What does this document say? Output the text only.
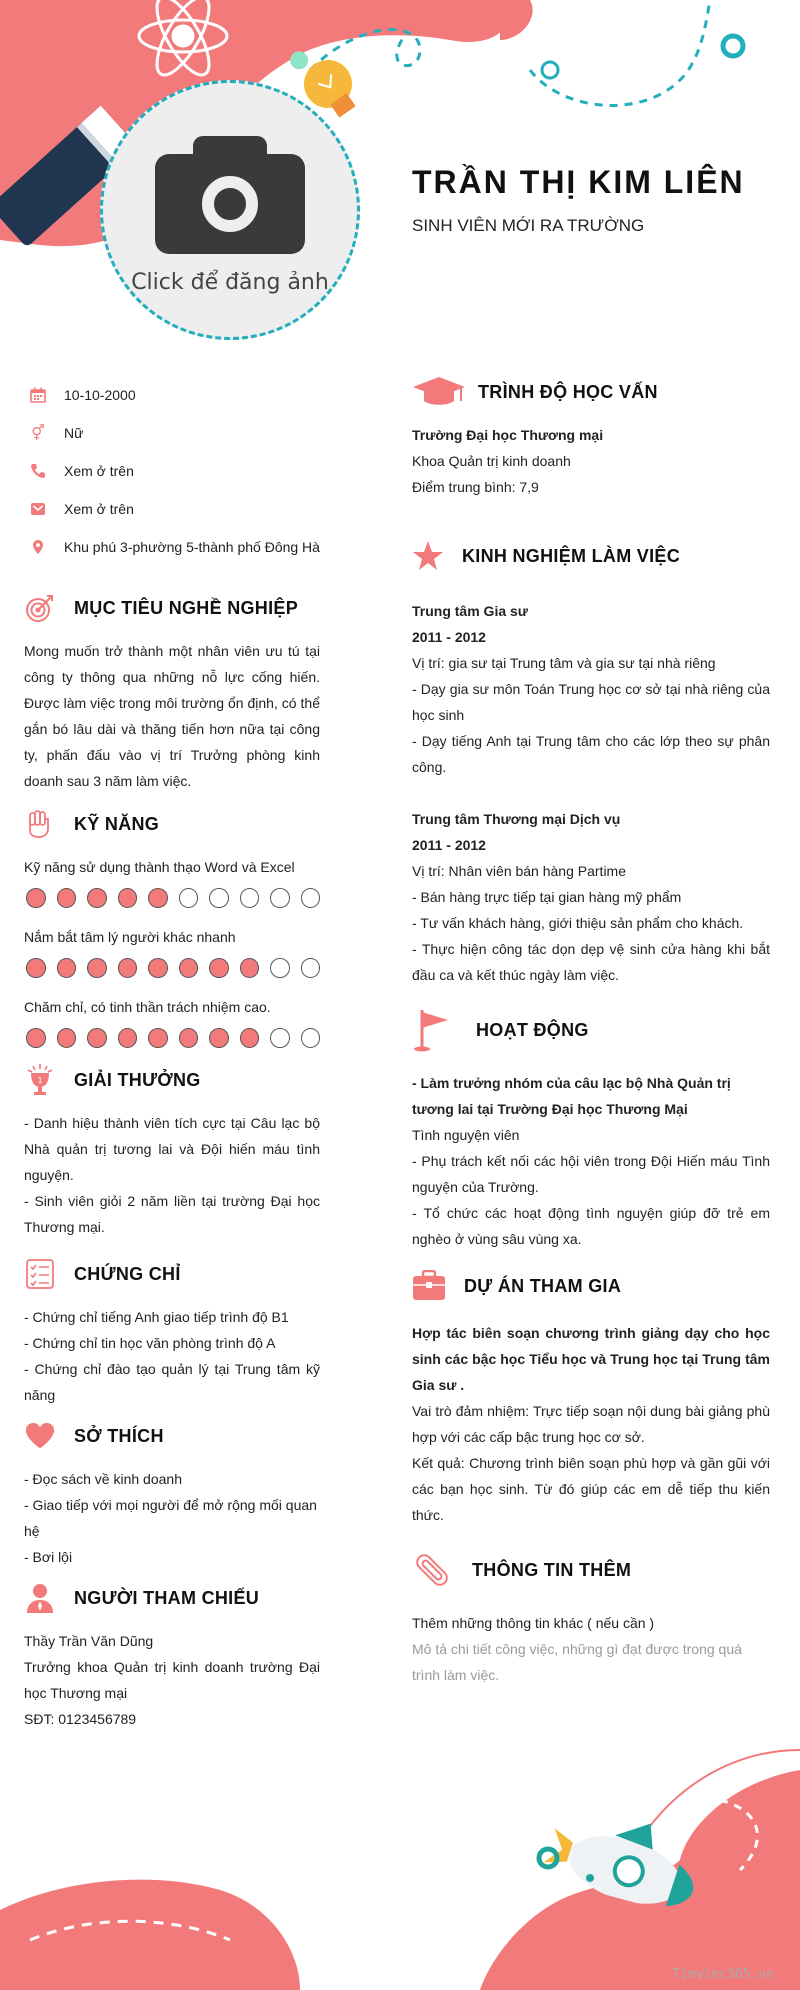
Click để đăng ảnh
TRẦN THỊ KIM LIÊN
SINH VIÊN MỚI RA TRƯỜNG
10-10-2000
⚥ Nữ
Xem ở trên
Xem ở trên
Khu phú 3-phường 5-thành phố Đông Hà
MỤC TIÊU NGHỀ NGHIỆP

Mong muốn trở thành một nhân viên ưu tú tại công ty thông qua những nỗ lực cống hiến. Được làm việc trong môi trường ổn định, có thể gắn bó lâu dài và thăng tiến hơn nữa tại công ty, phấn đấu vào vị trí Trưởng phòng kinh doanh sau 3 năm làm việc.

KỸ NĂNG

Kỹ năng sử dụng thành thạo Word và Excel

Nắm bắt tâm lý người khác nhanh

Chăm chỉ, có tinh thần trách nhiệm cao.

1 GIẢI THƯỞNG

- Danh hiệu thành viên tích cực tại Câu lạc bộ Nhà quản trị tương lai và Đội hiến máu tình nguyện.

- Sinh viên giỏi 2 năm liền tại trường Đại học Thương mại.

CHỨNG CHỈ

- Chứng chỉ tiếng Anh giao tiếp trình độ B1

- Chứng chỉ tin học văn phòng trình độ A

- Chứng chỉ đào tạo quản lý tại Trung tâm kỹ năng

SỞ THÍCH

- Đọc sách về kinh doanh

- Giao tiếp với mọi người để mở rộng mối quan hệ

- Bơi lội

NGƯỜI THAM CHIẾU

Thầy Trần Văn Dũng

Trưởng khoa Quản trị kinh doanh trường Đại học Thương mại

SĐT: 0123456789

TRÌNH ĐỘ HỌC VẤN

Trường Đại học Thương mại

Khoa Quản trị kinh doanh

Điểm trung bình: 7,9

KINH NGHIỆM LÀM VIỆC

Trung tâm Gia sư

2011 - 2012

Vị trí: gia sư tại Trung tâm và gia sư tại nhà riêng

- Dạy gia sư môn Toán Trung học cơ sở tại nhà riêng của học sinh

- Dạy tiếng Anh tại Trung tâm cho các lớp theo sự phân công.

Trung tâm Thương mại Dịch vụ

2011 - 2012

Vị trí: Nhân viên bán hàng Partime

- Bán hàng trực tiếp tại gian hàng mỹ phẩm

- Tư vấn khách hàng, giới thiệu sản phẩm cho khách.

- Thực hiện công tác dọn dẹp vệ sinh cửa hàng khi bắt đầu ca và kết thúc ngày làm việc.

HOẠT ĐỘNG

- Làm trưởng nhóm của câu lạc bộ Nhà Quản trị tương lai tại Trường Đại học Thương Mại

Tình nguyện viên

- Phụ trách kết nối các hội viên trong Đội Hiến máu Tình nguyện của Trường.

- Tổ chức các hoạt động tình nguyện giúp đỡ trẻ em nghèo ở vùng sâu vùng xa.

DỰ ÁN THAM GIA

Hợp tác biên soạn chương trình giảng dạy cho học sinh các bậc học Tiểu học và Trung học tại Trung tâm Gia sư .

Vai trò đảm nhiệm: Trực tiếp soạn nội dung bài giảng phù hợp với các cấp bậc trung học cơ sở.

Kết quả: Chương trình biên soạn phù hợp và gần gũi với các bạn học sinh. Từ đó giúp các em dễ tiếp thu kiến thức.

THÔNG TIN THÊM

Thêm những thông tin khác ( nếu cần )

Mô tả chi tiết công việc, những gì đạt được trong quá trình làm việc.

Timviec365.vn
